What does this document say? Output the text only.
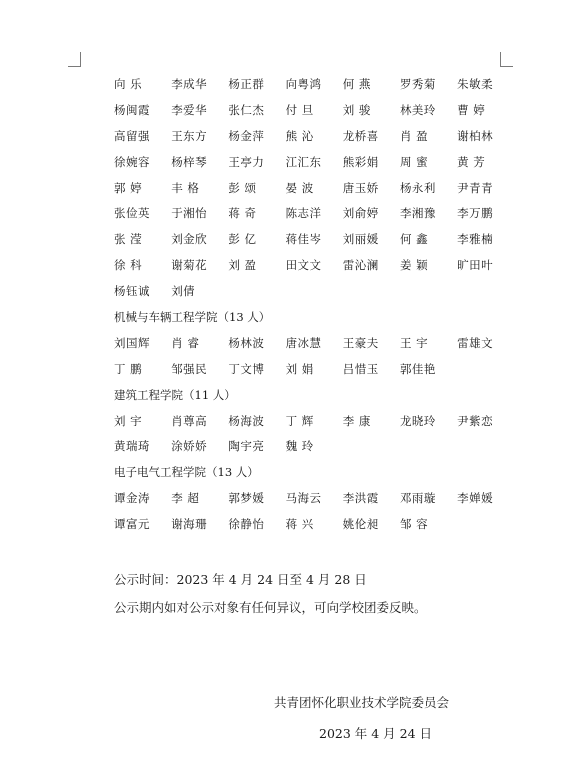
向 乐	李成华	杨正群	向粤鸿	何 燕	罗秀菊	朱敏柔
杨闽霞	李爱华	张仁杰	付 旦	刘 骏	林美玲	曹 婷
高留强	王东方	杨金萍	熊 沁	龙桥喜	肖 盈	谢柏林
徐婉容	杨梓琴	王亭力	江汇东	熊彩娟	周 蜜	黄 芳
郭 婷	丰 格	彭 颂	晏 波	唐玉娇	杨永利	尹青青
张俭英	于湘怡	蒋 奇	陈志洋	刘俞婷	李湘豫	李万鹏
张 滢	刘金欣	彭 亿	蒋佳岑	刘丽媛	何 鑫	李雅楠
徐 科	谢菊花	刘 盈	田文文	雷沁澜	姜 颖	旷田叶
杨钰诚	刘倩
机械与车辆工程学院（13 人）
刘国辉	肖 睿	杨林波	唐冰慧	王豪夫	王 宇	雷雄文
丁 鹏	邹强民	丁文博	刘 娟	吕惜玉	郭佳艳
建筑工程学院（11 人）
刘 宇	肖尊高	杨海波	丁 辉	李 康	龙晓玲	尹紫恋
黄瑞琦	涂娇娇	陶宇亮	魏 玲
电子电气工程学院（13 人）
谭金涛	李 超	郭梦媛	马海云	李洪霞	邓雨璇	李婵媛
谭富元	谢海珊	徐静怡	蒋 兴	姚伦昶	邹 容
公示时间：2023 年 4 月 24 日至 4 月 28 日
公示期内如对公示对象有任何异议，可向学校团委反映。
共青团怀化职业技术学院委员会
2023 年 4 月 24 日
